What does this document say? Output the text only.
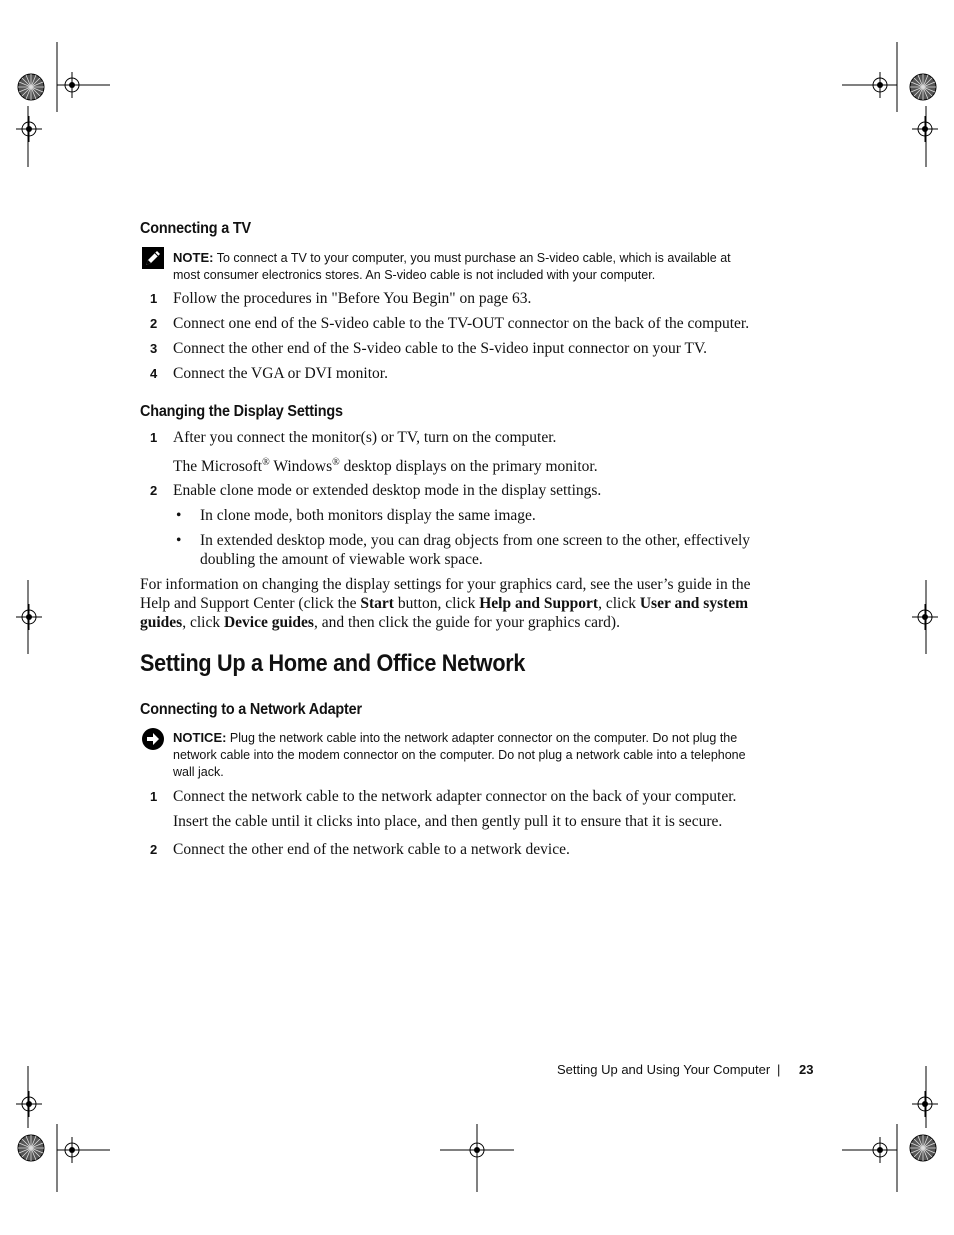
Connecting a TV
NOTE: To connect a TV to your computer, you must purchase an S-video cable, which is available at
most consumer electronics stores. An S-video cable is not included with your computer.
1 Follow the procedures in "Before You Begin" on page 63.
2 Connect one end of the S-video cable to the TV-OUT connector on the back of the computer.
3 Connect the other end of the S-video cable to the S-video input connector on your TV.
4 Connect the VGA or DVI monitor.
Changing the Display Settings
1 After you connect the monitor(s) or TV, turn on the computer.
The Microsoft® Windows® desktop displays on the primary monitor.
2 Enable clone mode or extended desktop mode in the display settings.
• In clone mode, both monitors display the same image.
• In extended desktop mode, you can drag objects from one screen to the other, effectively
doubling the amount of viewable work space.
For information on changing the display settings for your graphics card, see the user’s guide in the
Help and Support Center (click the Start button, click Help and Support, click User and system
guides, click Device guides, and then click the guide for your graphics card).
Setting Up a Home and Office Network
Connecting to a Network Adapter
NOTICE: Plug the network cable into the network adapter connector on the computer. Do not plug the
network cable into the modem connector on the computer. Do not plug a network cable into a telephone
wall jack.
1 Connect the network cable to the network adapter connector on the back of your computer.
Insert the cable until it clicks into place, and then gently pull it to ensure that it is secure.
2 Connect the other end of the network cable to a network device.
Setting Up and Using Your Computer | 23
